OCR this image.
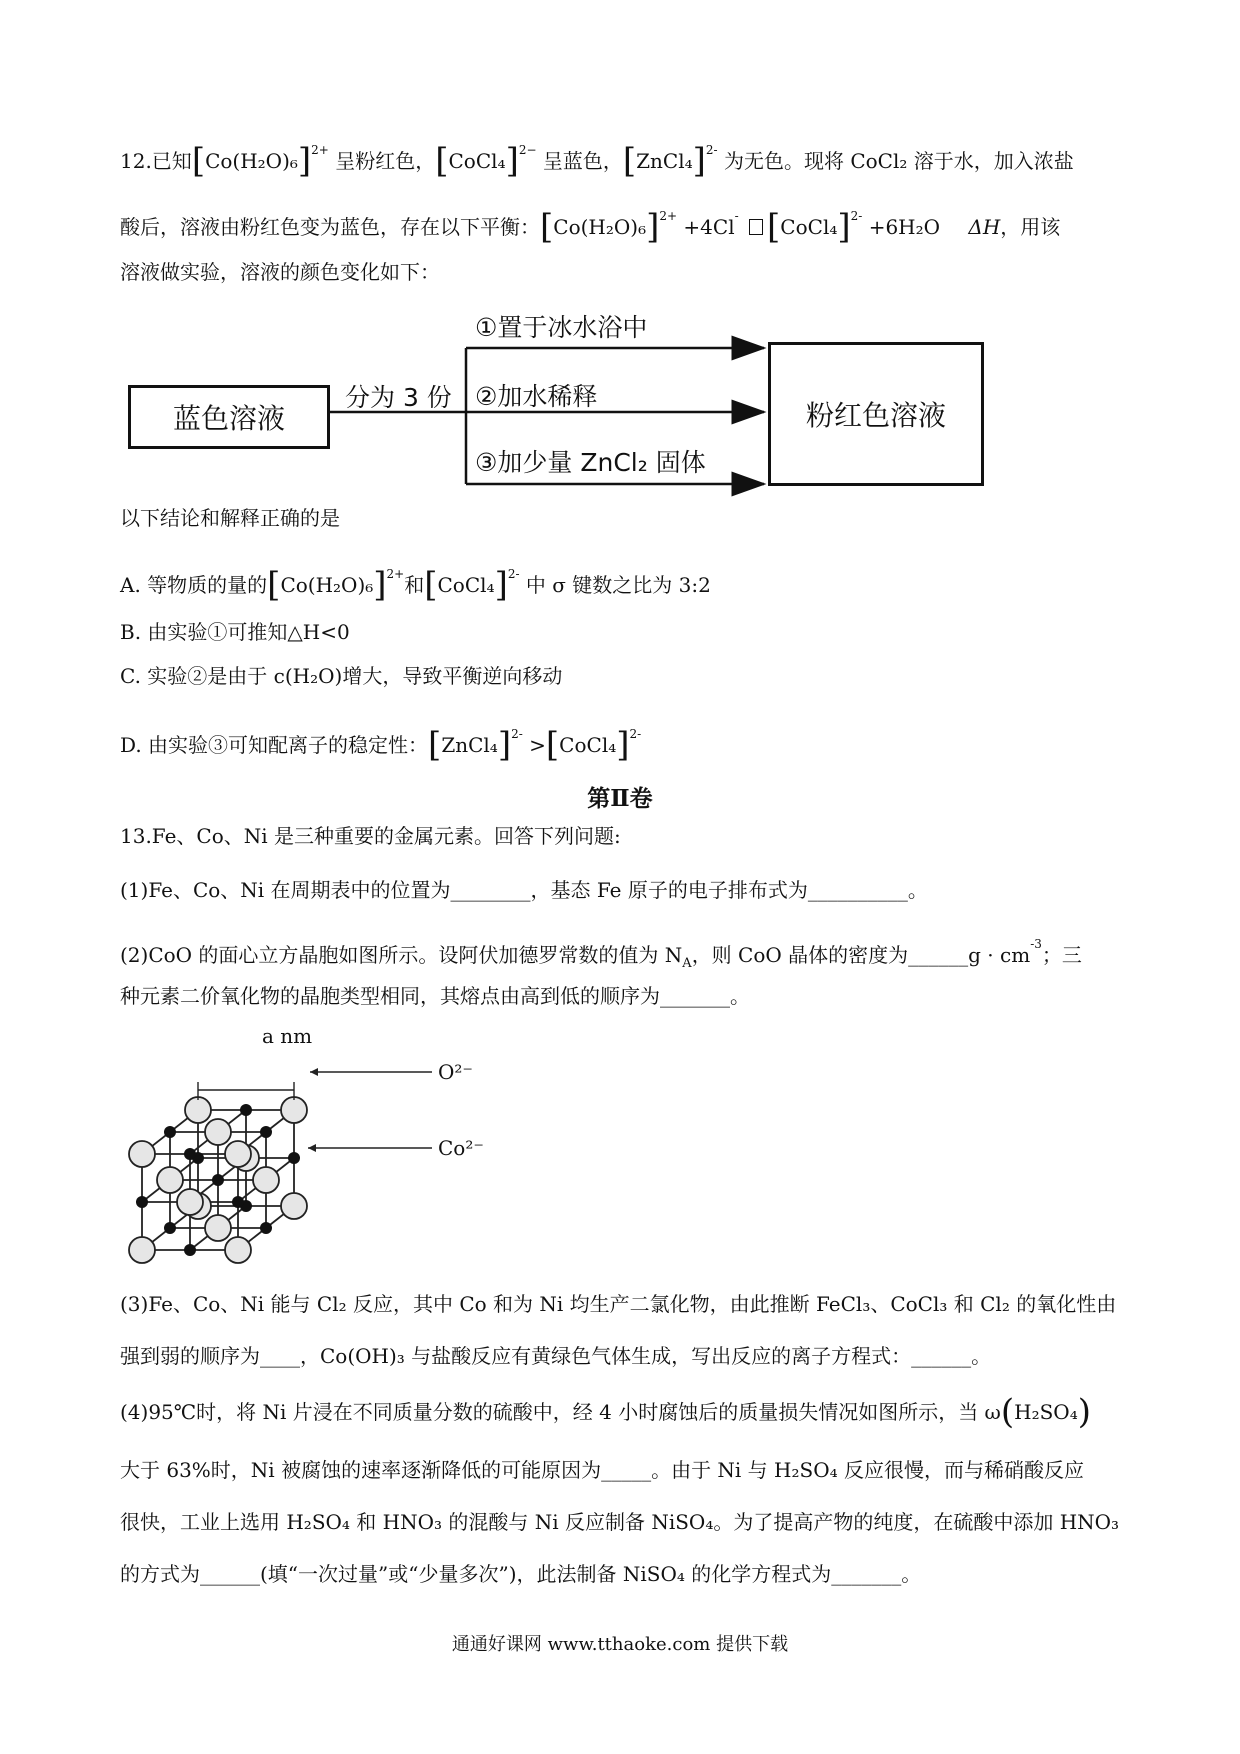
12.已知$[Co(H_2O)_6]^{2+}$ 呈粉红色，[CoCl₄]$^{2-}$ 呈蓝色，[ZnCl₄]$^{2-}$ 为无色。现将 CoCl₂ 溶于水，加入浓盐
酸后，溶液由粉红色变为蓝色，存在以下平衡：$[Co(H_2O)_6]^{2+} +4Cl^-$ [CoCl₄]$^{2-}$ +6H₂O ΔH，用该
溶液做实验，溶液的颜色变化如下：
蓝色溶液
分为 3 份
①置于冰水浴中
②加水稀释
③加少量 ZnCl₂ 固体
粉红色溶液
以下结论和解释正确的是
A. 等物质的量的$[Co(H_2O)_6]^{2+}$和[CoCl₄]$^{2-}$ 中 σ 键数之比为 3:2
B. 由实验①可推知△H<0
C. 实验②是由于 c(H₂O)增大，导致平衡逆向移动
D. 由实验③可知配离子的稳定性：[ZnCl₄]$^{2-}$ >[CoCl₄]$^{2-}$
第Ⅱ卷
13.Fe、Co、Ni 是三种重要的金属元素。回答下列问题:
(1)Fe、Co、Ni 在周期表中的位置为________，基态 Fe 原子的电子排布式为__________。
(2)CoO 的面心立方晶胞如图所示。设阿伏加德罗常数的值为 $N_A$，则 CoO 晶体的密度为______g · $cm^{-3}$；三
种元素二价氧化物的晶胞类型相同，其熔点由高到低的顺序为_______。
a nm
O²⁻
Co²⁻
(3)Fe、Co、Ni 能与 Cl₂ 反应，其中 Co 和为 Ni 均生产二氯化物，由此推断 FeCl₃、CoCl₃ 和 Cl₂ 的氧化性由
强到弱的顺序为____，Co(OH)₃ 与盐酸反应有黄绿色气体生成，写出反应的离子方程式：______。
(4)95℃时，将 Ni 片浸在不同质量分数的硫酸中，经 4 小时腐蚀后的质量损失情况如图所示，当 ω(H₂SO₄)
大于 63%时，Ni 被腐蚀的速率逐渐降低的可能原因为_____。由于 Ni 与 H₂SO₄ 反应很慢，而与稀硝酸反应
很快，工业上选用 H₂SO₄ 和 HNO₃ 的混酸与 Ni 反应制备 NiSO₄。为了提高产物的纯度，在硫酸中添加 HNO₃
的方式为______(填“一次过量”或“少量多次”)，此法制备 NiSO₄ 的化学方程式为_______。
通通好课网 www.tthaoke.com 提供下载
